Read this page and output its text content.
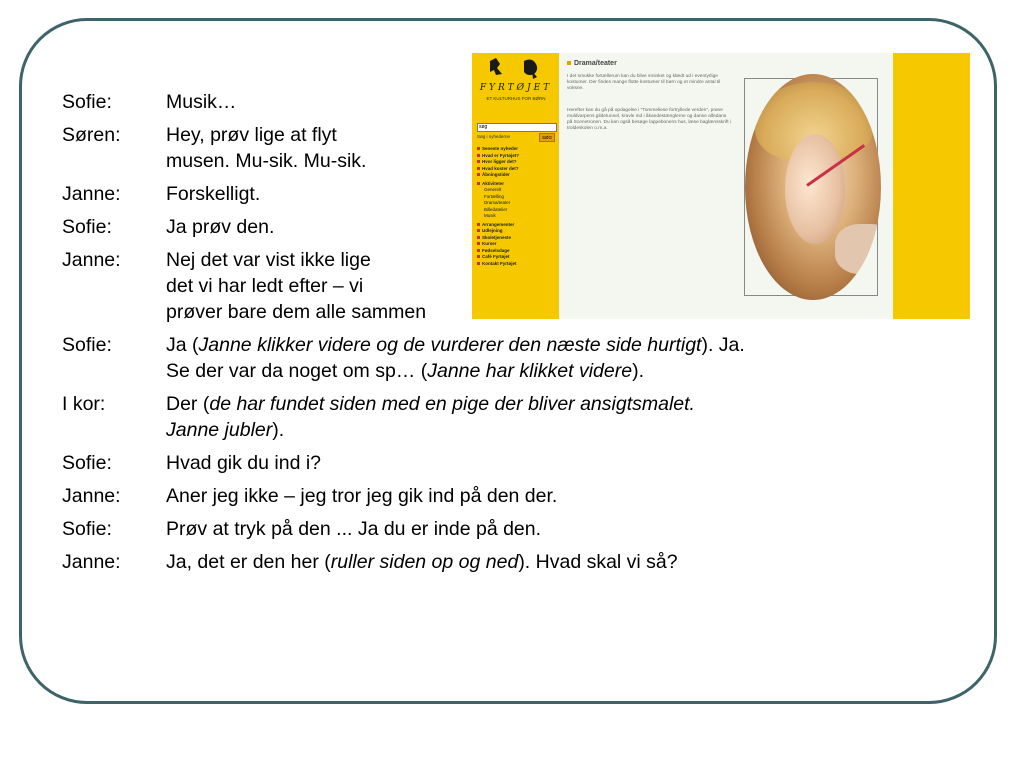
Sofie:	Musik…
Søren: Hey, prøv lige at flyt
musen. Mu-sik. Mu-sik.
Janne: Forskelligt.
Sofie:	Ja prøv den.
Janne: Nej det var vist ikke lige
det vi har ledt efter – vi
prøver bare dem alle sammen
Sofie:	Ja (Janne klikker videre og de vurderer den næste side hurtigt). Ja.
Se der var da noget om sp… (Janne har klikket videre).
I kor:	Der (de har fundet siden med en pige der bliver ansigtsmalet.
Janne jubler).
Sofie:	Hvad gik du ind i?
Janne: Aner jeg ikke – jeg tror jeg gik ind på den der.
Sofie:	Prøv at tryk på den ... Ja du er inde på den.
Janne: Ja, det er den her (ruller siden op og ned). Hvad skal vi så?
FYRTØJET
ET KULTURHUS FOR BØRN
søg
Søg i nyhederne	SØG
Seneste nyheder
Hvad er Fyrtøjet?
Hvor ligger det?
Hvad koster det?
Åbningstider
Aktiviteter
Generelt
Fortælling
Drama/teater
Billedatelier
Musik
Arrangementer
Udlejning
Skoletjeneste
Kurser
Fødselsdage
Café Fyrtøjet
Kontakt Fyrtøjet
Drama/teater
I det smukke fortællerum kan du blive sminket og klædt ud i eventyrlige kostumer. Der findes mange flotte kostumer til børn og et mindre antal til voksne.
Herefter kan du gå på opdagelse i "Tommeliese fortryllede verden", prøve muldvarpens gildetunnel, kravle ind i åkandestænglerne og danse alfedans på Scenetronen. Du kan også besøge lappebonens hus, læse baglænsskrift i troldeskolen o.m.a.
